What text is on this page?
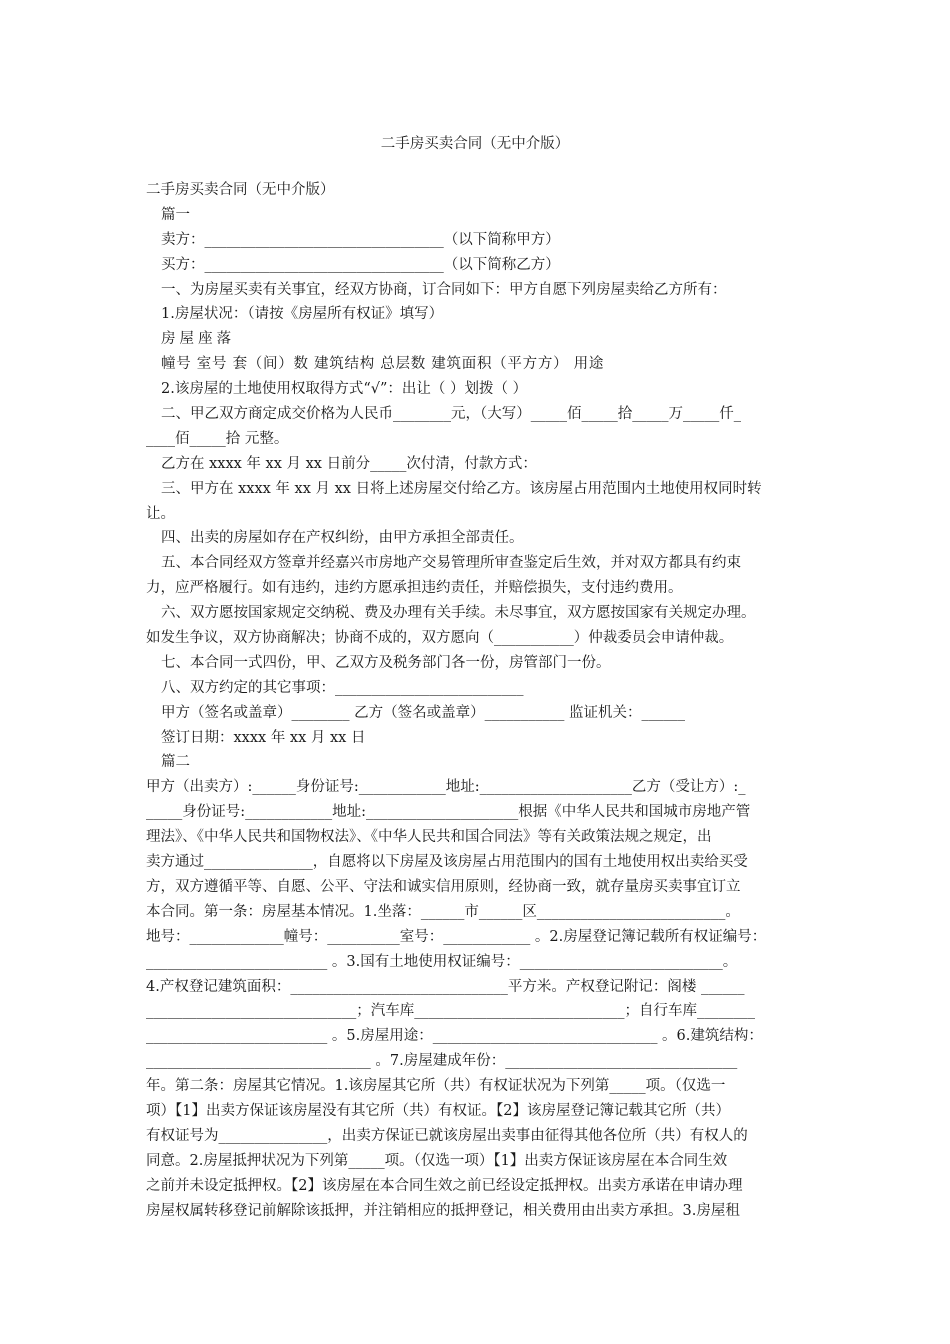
二手房买卖合同（无中介版）
二手房买卖合同（无中介版）
篇一
卖方：_________________________________（以下简称甲方）
买方：_________________________________（以下简称乙方）
一、为房屋买卖有关事宜，经双方协商，订合同如下：甲方自愿下列房屋卖给乙方所有：
1.房屋状况：（请按《房屋所有权证》填写）
房屋座落
幢号 室号 套（间）数 建筑结构 总层数 建筑面积（平方方） 用途
2.该房屋的土地使用权取得方式“√”：出让（ ）划拨（ ）
二、甲乙双方商定成交价格为人民币________元，（大写）_____佰_____拾_____万_____仟_
____佰_____拾 元整。
乙方在 xxxx 年 xx 月 xx 日前分_____次付清，付款方式：
三、甲方在 xxxx 年 xx 月 xx 日将上述房屋交付给乙方。该房屋占用范围内土地使用权同时转
让。
四、出卖的房屋如存在产权纠纷，由甲方承担全部责任。
五、本合同经双方签章并经嘉兴市房地产交易管理所审查鉴定后生效，并对双方都具有约束
力，应严格履行。如有违约，违约方愿承担违约责任，并赔偿损失，支付违约费用。
六、双方愿按国家规定交纳税、费及办理有关手续。未尽事宜，双方愿按国家有关规定办理。
如发生争议，双方协商解决；协商不成的，双方愿向（___________）仲裁委员会申请仲裁。
七、本合同一式四份，甲、乙双方及税务部门各一份，房管部门一份。
八、双方约定的其它事项：__________________________
甲方（签名或盖章）________ 乙方（签名或盖章）___________ 监证机关：______
签订日期：xxxx 年 xx 月 xx 日
篇二
甲方（出卖方）:______身份证号:____________地址:_____________________乙方（受让方）:_
_____身份证号:____________地址:_____________________根据《中华人民共和国城市房地产管
理法》、《中华人民共和国物权法》、《中华人民共和国合同法》等有关政策法规之规定，出
卖方通过_______________，自愿将以下房屋及该房屋占用范围内的国有土地使用权出卖给买受
方，双方遵循平等、自愿、公平、守法和诚实信用原则，经协商一致，就存量房买卖事宜订立
本合同。第一条：房屋基本情况。1.坐落：______市______区__________________________。
地号：_____________幢号：__________室号：____________ 。2.房屋登记簿记载所有权证编号：
_________________________ 。3.国有土地使用权证编号：____________________________。
4.产权登记建筑面积：______________________________平方米。产权登记附记：阁楼 ______
_____________________________；汽车库_____________________________；自行车库________
_________________________ 。5.房屋用途：_______________________________ 。6.建筑结构：
_______________________________ 。7.房屋建成年份：________________________________
年。第二条：房屋其它情况。1.该房屋其它所（共）有权证状况为下列第_____项。（仅选一
项）【1】出卖方保证该房屋没有其它所（共）有权证。【2】该房屋登记簿记载其它所（共）
有权证号为_______________，出卖方保证已就该房屋出卖事由征得其他各位所（共）有权人的
同意。2.房屋抵押状况为下列第_____项。（仅选一项）【1】出卖方保证该房屋在本合同生效
之前并未设定抵押权。【2】该房屋在本合同生效之前已经设定抵押权。出卖方承诺在申请办理
房屋权属转移登记前解除该抵押，并注销相应的抵押登记，相关费用由出卖方承担。3.房屋租
